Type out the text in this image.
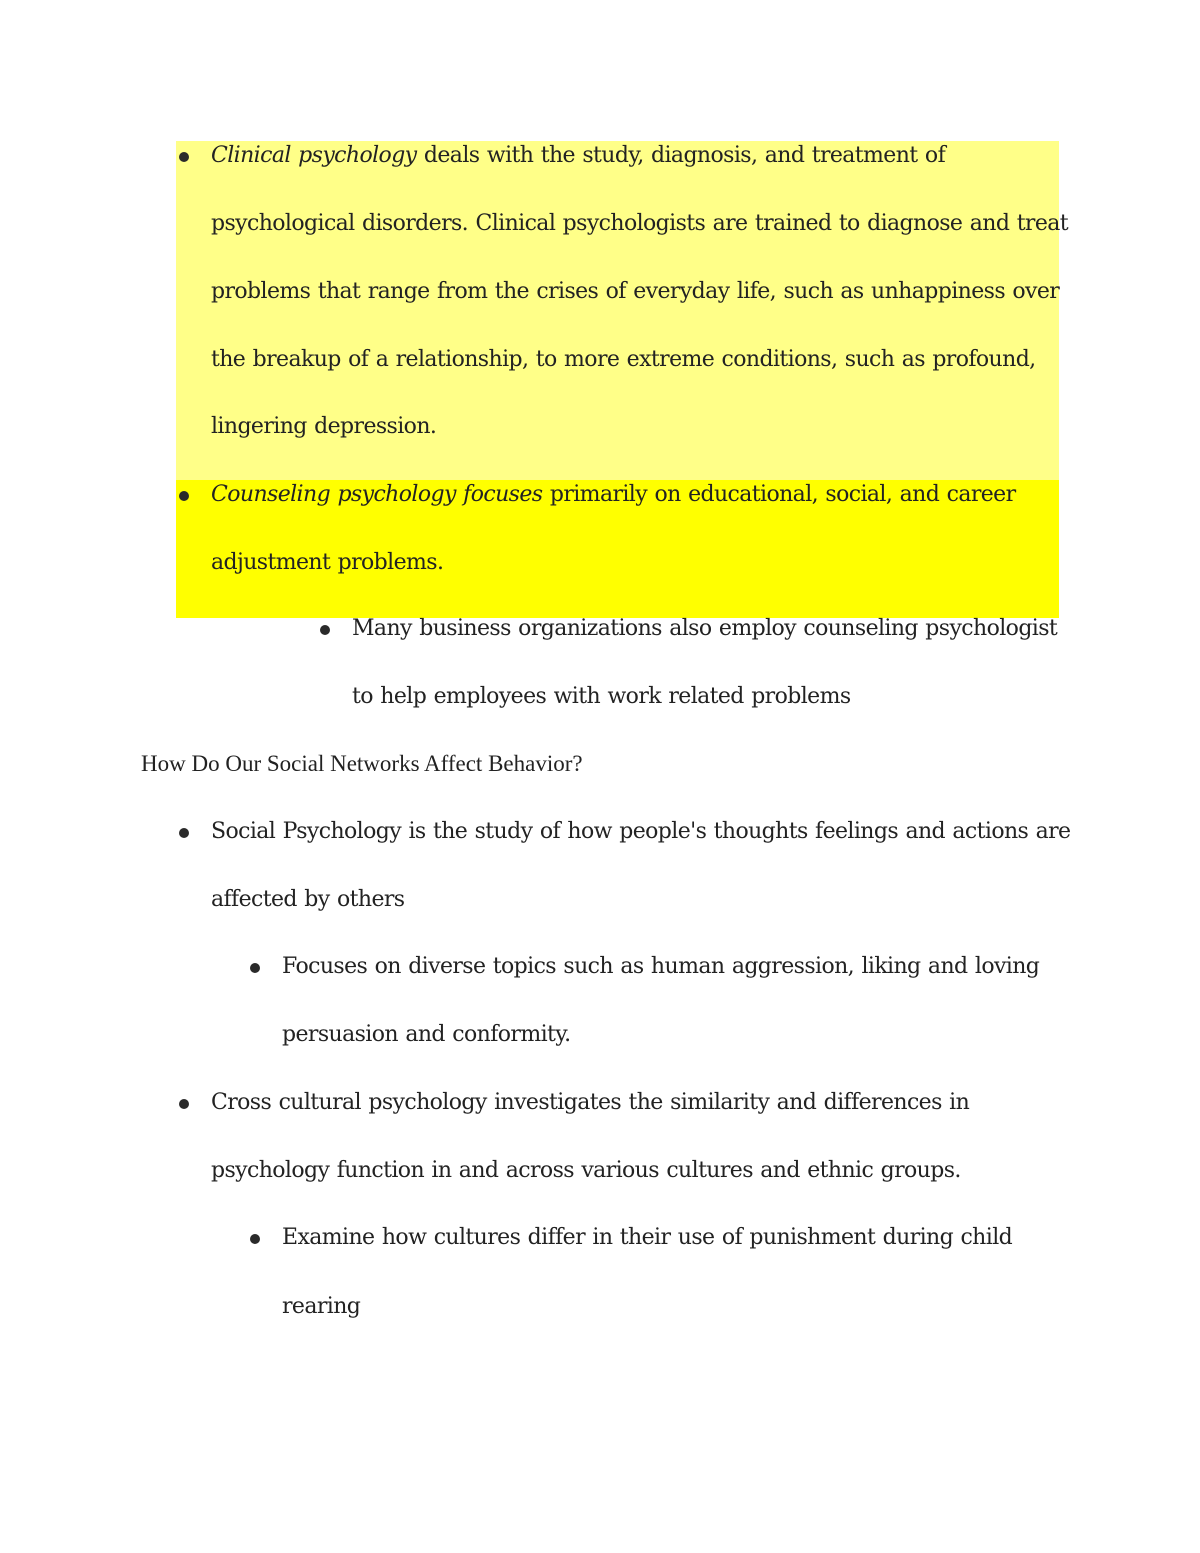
Clinical psychology deals with the study, diagnosis, and treatment of
psychological disorders. Clinical psychologists are trained to diagnose and treat
problems that range from the crises of everyday life, such as unhappiness over
the breakup of a relationship, to more extreme conditions, such as profound,
lingering depression.
Counseling psychology focuses primarily on educational, social, and career
adjustment problems.
Many business organizations also employ counseling psychologist
to help employees with work related problems
How Do Our Social Networks Affect Behavior?
Social Psychology is the study of how people's thoughts feelings and actions are
affected by others
Focuses on diverse topics such as human aggression, liking and loving
persuasion and conformity.
Cross cultural psychology investigates the similarity and differences in
psychology function in and across various cultures and ethnic groups.
Examine how cultures differ in their use of punishment during child
rearing
